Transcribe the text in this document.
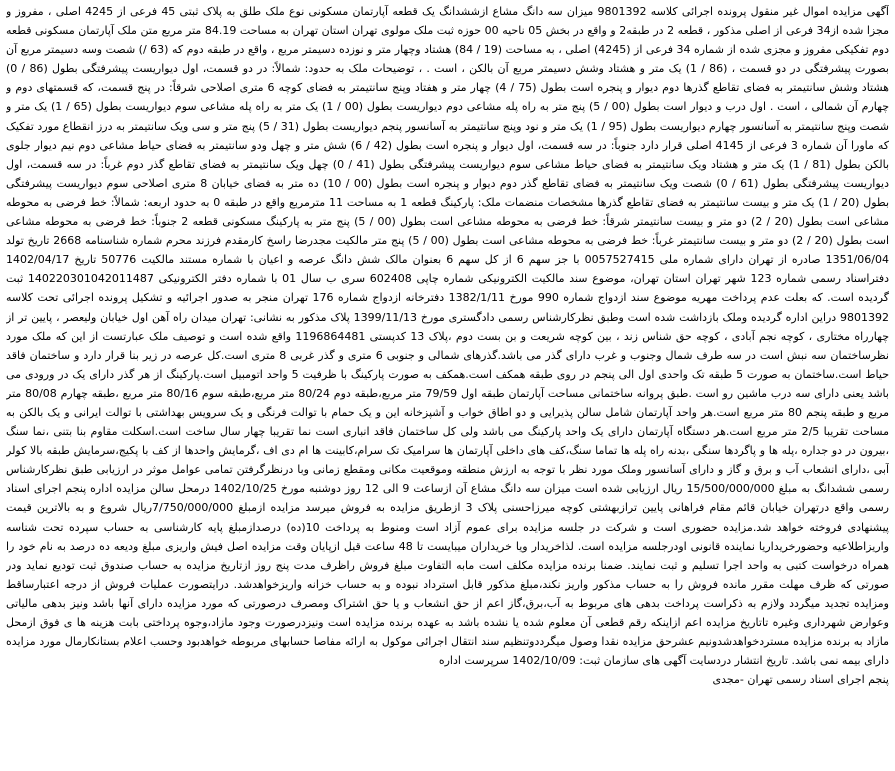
آگهی مزایده اموال غیر منقول پرونده اجرائی کلاسه 9801392 میزان سه دانگ مشاع ازششدانگ یک قطعه آپارتمان مسکونی نوع ملک طلق به پلاک ثبتی 45 فرعی از 4245 اصلی ، مفروز و مجزا شده از34 فرعی از اصلی مذکور ، قطعه 2 در طبقه2 و واقع در بخش 05 ناحیه 00 حوزه ثبت ملک مولوی تهران استان تهران به مساحت 84.19 متر مربع متن ملک آپارتمان مسکونی قطعه دوم تفکیکی مفروز و مجزی شده از شماره 34 فرعی از (4245) اصلی ، به مساحت (19 / 84) هشتاد وچهار متر و نوزده دسیمتر مربع ، واقع در طبقه دوم که (63 /) شصت وسه دسیمتر مربع آن بصورت پیشرفتگی در دو قسمت ، (86 / 1) یک متر و هشتاد وشش دسیمتر مربع آن بالکن ، است . ، توضیحات ملک به حدود: شمالاً: در دو قسمت، اول دیواریست پیشرفتگی بطول (86 / 0) هشتاد وشش سانتیمتر به فضای تقاطع گذرها دوم دیوار و پنجره است بطول (75 / 4) چهار متر و هفتاد وپنج سانتیمتر به فضای کوچه 6 متری اصلاحی شرقاً: در پنج قسمت، که قسمتهای دوم و چهارم آن شمالی ، است . اول درب و دیوار است بطول (00 / 5) پنج متر به راه پله مشاعی دوم دیواریست بطول (00 / 1) یک متر به راه پله مشاعی سوم دیواریست بطول (65 / 1) یک متر و شصت وپنج سانتیمتر به آسانسور چهارم دیواریست بطول (95 / 1) یک متر و نود وپنج سانتیمتر به آسانسور پنجم دیواریست بطول (31 / 5) پنج متر و سی ویک سانتیمتر به درز انقطاع مورد تفکیک که ماورا آن شماره 3 فرعی از 4145 اصلی قرار دارد جنوباً: در سه قسمت، اول دیوار و پنجره است بطول (42 / 6) شش متر و چهل ودو سانتیمتر به فضای حیاط مشاعی دوم نیم دیوار جلوی بالکن بطول (81 / 1) یک متر و هشتاد ویک سانتیمتر به فضای حیاط مشاعی سوم دیواریست پیشرفتگی بطول (41 / 0) چهل ویک سانتیمتر به فضای تقاطع گذر دوم غرباً: در سه قسمت، اول دیواریست پیشرفتگی بطول (61 / 0) شصت ویک سانتیمتر به فضای تقاطع گذر دوم دیوار و پنجره است بطول (00 / 10) ده متر به فضای خیابان 8 متری اصلاحی سوم دیواریست پیشرفتگی بطول (20 / 1) یک متر و بیست سانتیمتر به فضای تقاطع گذرها مشخصات منضمات ملک: پارکینگ قطعه 1 به مساحت 11 مترمربع واقع در طبقه 0 به حدود اربعه: شمالاً: خط فرضی به محوطه مشاعی است بطول (20 / 2) دو متر و بیست سانتیمتر شرقاً: خط فرضی به محوطه مشاعی است بطول (00 / 5) پنج متر به پارکینگ مسکونی قطعه 2 جنوباً: خط فرضی به محوطه مشاعی است بطول (20 / 2) دو متر و بیست سانتیمتر غرباً: خط فرضی به محوطه مشاعی است بطول (00 / 5) پنج متر مالکیت مجدرضا راسخ کارمقدم فرزند محرم شماره شناسنامه 2668 تاریخ تولد 1351/06/04 صادره از تهران دارای شماره ملی 0057527415 با جز سهم 6 از کل سهم 6 بعنوان مالک شش دانگ عرصه و اعیان با شماره مستند مالکیت 50776 تاریخ 1402/04/17 دفتراسناد رسمی شماره 123 شهر تهران استان تهران، موضوع سند مالکیت الکترونیکی شماره چاپی 602408 سری ب سال 01 با شماره دفتر الکترونیکی 140220301042011487 ثبت گردیده است. که بعلت عدم پرداخت مهریه موضوع سند ازدواج شماره 990 مورخ 1382/1/11 دفترخانه ازدواج شماره 176 تهران منجر به صدور اجرائیه و تشکیل پرونده اجرائی تحت کلاسه 9801392 دراین اداره گردیده وملک بازداشت شده است وطبق نظرکارشناس رسمی دادگستری مورخ 1399/11/13 پلاک مذکور به نشانی: تهران میدان راه آهن اول خیابان ولیعصر ، پایین تر از چهارراه مختاری ، کوچه نجم آبادی ، کوچه حق شناس زند ، بین کوچه شریعت و بن بست دوم ،پلاک 13 کدپستی 1196864481 واقع شده است و توصیف ملک عبارتست از این که ملک مورد نظرساختمان سه نبش است در سه طرف شمال وجنوب و غرب دارای گذر می باشد.گذرهای شمالی و جنوبی 6 متری و گذر غربی 8 متری است.کل عرصه در زیر بنا قرار دارد و ساختمان فاقد حیاط است.ساختمان به صورت 5 طبقه تک واحدی اول الی پنجم در روی طبقه همکف است.همکف به صورت پارکینگ با ظرفیت 5 واحد اتومبیل است.پارکینگ از هر گذر دارای یک در ورودی می باشد یعنی دارای سه درب ماشین رو است .طبق پروانه ساختمانی مساحت آپارتمان طبقه اول 79/59 متر مربع،طبقه دوم 80/24 متر مربع،طبقه سوم 80/16 متر مربع ،طبقه چهارم 80/08 متر مربع و طبقه پنجم 80 متر مربع است.هر واحد آپارتمان شامل سالن پذیرایی و دو اطاق خواب و آشپزخانه این و یک حمام با توالت فرنگی و یک سرویس بهداشتی با توالت ایرانی و یک بالکن به مساحت تقریبا 2/5 متر مربع است.هر دستگاه آپارتمان دارای یک واحد پارکینگ می باشد ولی کل ساختمان فاقد انباری است نما تقریبا چهار سال ساخت است.اسکلت مقاوم بنا بتنی ،نما سنگ ،بیرون در دو جداره ،پله ها و پاگردها سنگی ،بدنه راه پله ها تماما سنگ،کف های داخلی آپارتمان ها سرامیک تک سرام،کابینت ها ام دی اف ،گرمایش واحدها از کف با پکیج،سرمایش طبقه بالا کولر آبی ،دارای انشعاب آب و برق و گاز و دارای آسانسور وملک مورد نظر با توجه به ارزش منطقه وموقعیت مکانی ومقطع زمانی وبا درنظرگرفتن تمامی عوامل موثر در ارزیابی طبق نظرکارشناس رسمی ششدانگ به مبلغ 15/500/000/000 ریال ارزیابی شده است میزان سه دانگ مشاع آن ازساعت 9 الی 12 روز دوشنبه مورخ 1402/10/25 درمحل سالن مزایده اداره پنجم اجرای اسناد رسمی واقع درتهران خیابان قائم مقام فراهانی پایین ترازبهشتی کوچه میرزاحسنی پلاک 3 ازطریق مزایده به فروش میرسد مزایده ازمبلغ 7/750/000/000ریال شروع و به بالاترین قیمت پیشنهادی فروخته خواهد شد.مزایده حضوری است و شرکت در جلسه مزایده برای عموم آزاد است ومنوط به پرداخت 10(ده) درصدازمبلغ پایه کارشناسی به حساب سپرده تحت شناسه واریزاطلاعیه وحضورخریداریا نماینده قانونی اودرجلسه مزایده است. لذاخریدار ویا خریداران میبایست تا 48 ساعت قبل ازپایان وقت مزایده اصل فیش واریزی مبلغ ودیعه ده درصد به نام خود را همراه درخواست کتبی به واحد اجرا تسلیم و ثبت نمایند. ضمنا برنده مزایده مکلف است مابه التفاوت مبلغ فروش راظرف مدت پنج روز ازتاریخ مزایده به حساب صندوق ثبت تودیع نماید ودر صورتی که ظرف مهلت مقرر مانده فروش را به حساب مذکور واریز نکند،مبلغ مذکور قابل استرداد نبوده و به حساب خزانه واریزخواهدشد. درایتصورت عملیات فروش از درجه اعتبارساقط ومزایده تجدید میگردد ولازم به ذکراست پرداخت بدهی های مربوط به آب،برق،گاز اعم از حق انشعاب و یا حق اشتراک ومصرف درصورتی که مورد مزایده دارای آنها باشد ونیز بدهی مالیاتی وعوارض شهرداری وغیره تاتاریخ مزایده اعم ازاینکه رقم قطعی آن معلوم شده یا نشده باشد به عهده برنده مزایده است ونیزدرصورت وجود مازاد،وجوه پرداختی بابت هزینه ها ی فوق ازمحل مازاد به برنده مزایده مستردخواهدشدونیم عشرحق مزایده نقدا وصول میگرددوتنظیم سند انتقال اجرائی موکول به ارائه مفاصا حسابهای مربوطه خواهدبود وحسب اعلام بستانکارمال مورد مزایده دارای بیمه نمی باشد. تاریخ انتشار دردسایت آگهی های سازمان ثبت: 1402/10/09 سرپرست اداره

پنجم اجرای اسناد رسمی تهران -مجدی
